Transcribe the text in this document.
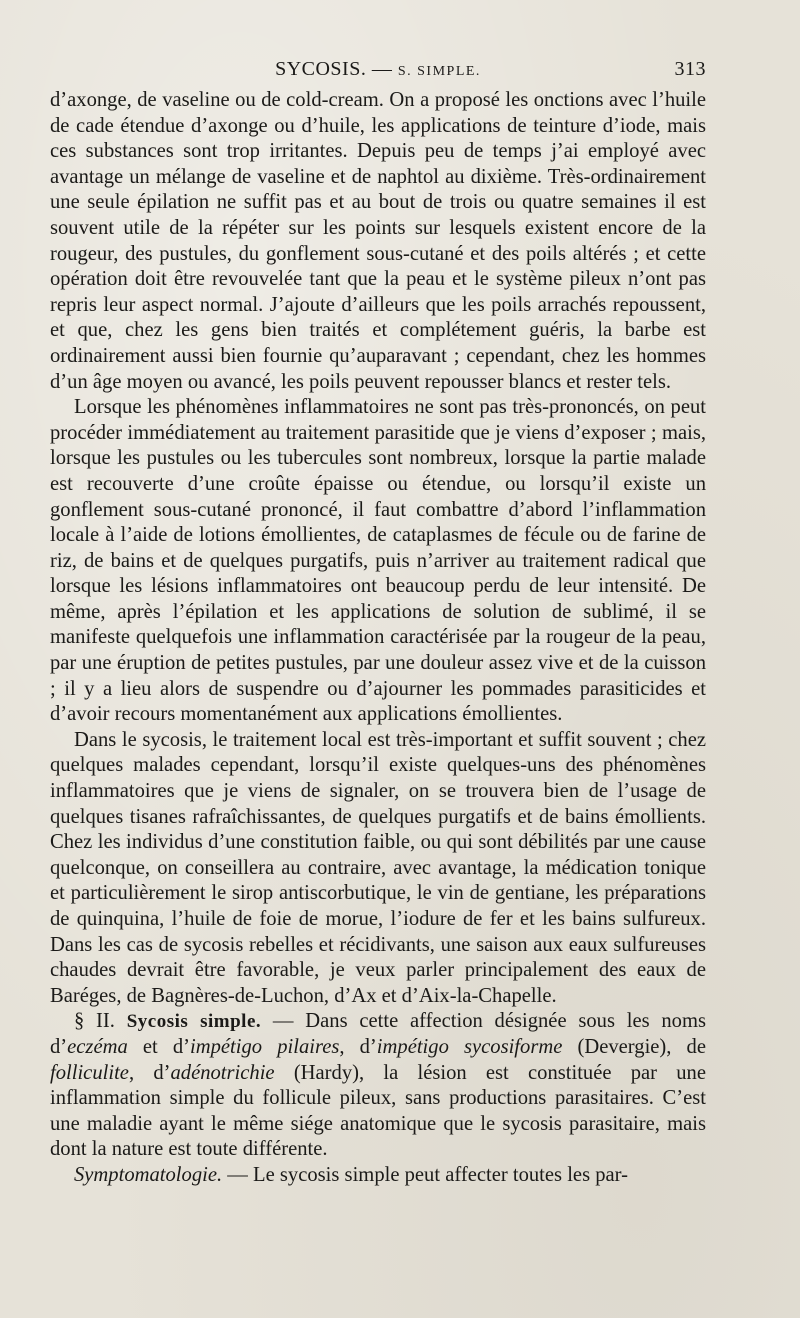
SYCOSIS. — S. SIMPLE.	313

d’axonge, de vaseline ou de cold-cream. On a proposé les onctions avec l’huile de cade étendue d’axonge ou d’huile, les applications de teinture d’iode, mais ces substances sont trop irritantes. Depuis peu de temps j’ai employé avec avantage un mélange de vaseline et de naphtol au dixième. Très-ordinairement une seule épilation ne suffit pas et au bout de trois ou quatre semaines il est souvent utile de la répéter sur les points sur lesquels existent encore de la rougeur, des pustules, du gonflement sous-cutané et des poils altérés ; et cette opération doit être revouvelée tant que la peau et le système pileux n’ont pas repris leur aspect normal. J’ajoute d’ailleurs que les poils arrachés repoussent, et que, chez les gens bien traités et complétement guéris, la barbe est ordinairement aussi bien fournie qu’auparavant ; cependant, chez les hommes d’un âge moyen ou avancé, les poils peuvent repousser blancs et rester tels.

Lorsque les phénomènes inflammatoires ne sont pas très-prononcés, on peut procéder immédiatement au traitement parasitide que je viens d’exposer ; mais, lorsque les pustules ou les tubercules sont nombreux, lorsque la partie malade est recouverte d’une croûte épaisse ou étendue, ou lorsqu’il existe un gonflement sous-cutané prononcé, il faut combattre d’abord l’inflammation locale à l’aide de lotions émollientes, de cataplasmes de fécule ou de farine de riz, de bains et de quelques purgatifs, puis n’arriver au traitement radical que lorsque les lésions inflammatoires ont beaucoup perdu de leur intensité. De même, après l’épilation et les applications de solution de sublimé, il se manifeste quelquefois une inflammation caractérisée par la rougeur de la peau, par une éruption de petites pustules, par une douleur assez vive et de la cuisson ; il y a lieu alors de suspendre ou d’ajourner les pommades parasiticides et d’avoir recours momentanément aux applications émollientes.

Dans le sycosis, le traitement local est très-important et suffit souvent ; chez quelques malades cependant, lorsqu’il existe quelques-uns des phénomènes inflammatoires que je viens de signaler, on se trouvera bien de l’usage de quelques tisanes rafraîchissantes, de quelques purgatifs et de bains émollients. Chez les individus d’une constitution faible, ou qui sont débilités par une cause quelconque, on conseillera au contraire, avec avantage, la médication tonique et particulièrement le sirop antiscorbutique, le vin de gentiane, les préparations de quinquina, l’huile de foie de morue, l’iodure de fer et les bains sulfureux. Dans les cas de sycosis rebelles et récidivants, une saison aux eaux sulfureuses chaudes devrait être favorable, je veux parler principalement des eaux de Baréges, de Bagnères-de-Luchon, d’Ax et d’Aix-la-Chapelle.

§ II. Sycosis simple. — Dans cette affection désignée sous les noms d’eczéma et d’impétigo pilaires, d’impétigo sycosiforme (Devergie), de folliculite, d’adénotrichie (Hardy), la lésion est constituée par une inflammation simple du follicule pileux, sans productions parasitaires. C’est une maladie ayant le même siége anatomique que le sycosis parasitaire, mais dont la nature est toute différente.

Symptomatologie. — Le sycosis simple peut affecter toutes les par-
